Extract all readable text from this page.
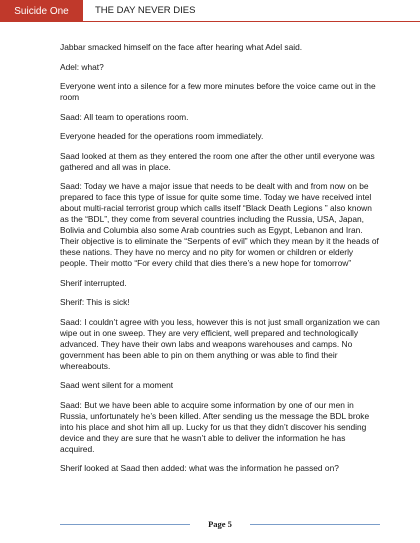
Suicide One	THE DAY NEVER DIES

Jabbar smacked himself on the face after hearing what Adel said.

Adel: what?

Everyone went into a silence for a few more minutes before the voice came out in the room

Saad: All team to operations room.

Everyone headed for the operations room immediately.

Saad looked at them as they entered the room one after the other until everyone was gathered and all was in place.

Saad: Today we have a major issue that needs to be dealt with and from now on be prepared to face this type of issue for quite some time. Today we have received intel about multi-racial terrorist group which calls itself “Black Death Legions ” also known as the “BDL”, they come from several countries including the Russia, USA, Japan, Bolivia and Columbia also some Arab countries such as Egypt, Lebanon and Iran. Their objective is to eliminate the “Serpents of evil” which they mean by it the heads of these nations. They have no mercy and no pity for women or children or elderly people. Their motto “For every child that dies there’s a new hope for tomorrow”

Sherif interrupted.

Sherif: This is sick!

Saad: I couldn’t agree with you less, however this is not just small organization we can wipe out in one sweep. They are very efficient, well prepared and technologically advanced. They have their own labs and weapons warehouses and camps. No government has been able to pin on them anything or was able to find their whereabouts.

Saad went silent for a moment

Saad: But we have been able to acquire some information by one of our men in Russia, unfortunately he’s been killed. After sending us the message the BDL broke into his place and shot him all up. Lucky for us that they didn’t discover his sending device and they are sure that he wasn’t able to deliver the information he has acquired.

Sherif looked at Saad then added: what was the information he passed on?

Page 5
